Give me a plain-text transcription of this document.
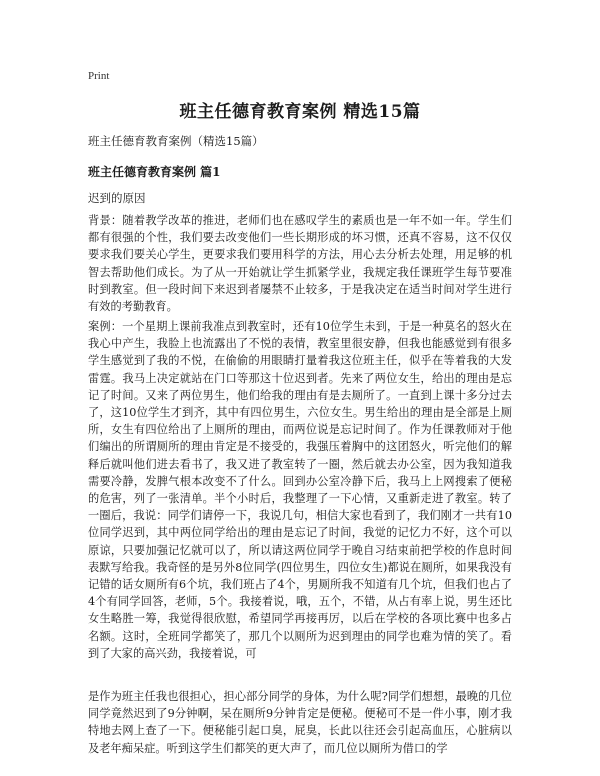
Print
班主任德育教育案例 精选15篇
班主任德育教育案例（精选15篇）
班主任德育教育案例 篇1
迟到的原因

背景：随着教学改革的推进，老师们也在感叹学生的素质也是一年不如一年。学生们都有很强的个性，我们要去改变他们一些长期形成的坏习惯，还真不容易，这不仅仅要求我们要关心学生，更要求我们要用科学的方法，用心去分析去处理，用足够的机智去帮助他们成长。为了从一开始就让学生抓紧学业，我规定我任课班学生每节要准时到教室。但一段时间下来迟到者屡禁不止较多，于是我决定在适当时间对学生进行有效的考勤教育。

案例：一个星期上课前我准点到教室时，还有10位学生未到，于是一种莫名的怒火在我心中产生，我脸上也流露出了不悦的表情，教室里很安静，但我也能感觉到有很多学生感觉到了我的不悦，在偷偷的用眼睛打量着我这位班主任，似乎在等着我的大发雷霆。我马上决定就站在门口等那这十位迟到者。先来了两位女生，给出的理由是忘记了时间。又来了两位男生，他们给我的理由有是去厕所了。一直到上课十多分过去了，这10位学生才到齐，其中有四位男生，六位女生。男生给出的理由是全部是上厕所，女生有四位给出了上厕所的理由，而两位说是忘记时间了。作为任课教师对于他们编出的所谓厕所的理由肯定是不接受的，我强压着胸中的这团怒火，听完他们的解释后就叫他们进去看书了，我又进了教室转了一圈，然后就去办公室，因为我知道我需要冷静，发脾气根本改变不了什么。回到办公室冷静下后，我马上上网搜索了便秘的危害，列了一张清单。半个小时后，我整理了一下心情，又重新走进了教室。转了一圈后，我说：同学们请停一下，我说几句，相信大家也看到了，我们刚才一共有10位同学迟到，其中两位同学给出的理由是忘记了时间，我觉的记忆力不好，这个可以原谅，只要加强记忆就可以了，所以请这两位同学于晚自习结束前把学校的作息时间表默写给我。我奇怪的是另外8位同学(四位男生，四位女生)都说在厕所，如果我没有记错的话女厕所有6个坑，我们班占了4个，男厕所我不知道有几个坑，但我们也占了4个有同学回答，老师，5个。我接着说，哦，五个，不错，从占有率上说，男生还比女生略胜一筹，我觉得很欣慰，希望同学再接再厉，以后在学校的各项比赛中也多占名额。这时，全班同学都笑了，那几个以厕所为迟到理由的同学也难为情的笑了。看到了大家的高兴劲，我接着说，可

是作为班主任我也很担心，担心部分同学的身体，为什么呢?同学们想想，最晚的几位同学竟然迟到了9分钟啊，呆在厕所9分钟肯定是便秘。便秘可不是一件小事，刚才我特地去网上查了一下。便秘能引起口臭，屁臭，长此以往还会引起高血压，心脏病以及老年痴呆症。听到这学生们都笑的更大声了，而几位以厕所为借口的学
